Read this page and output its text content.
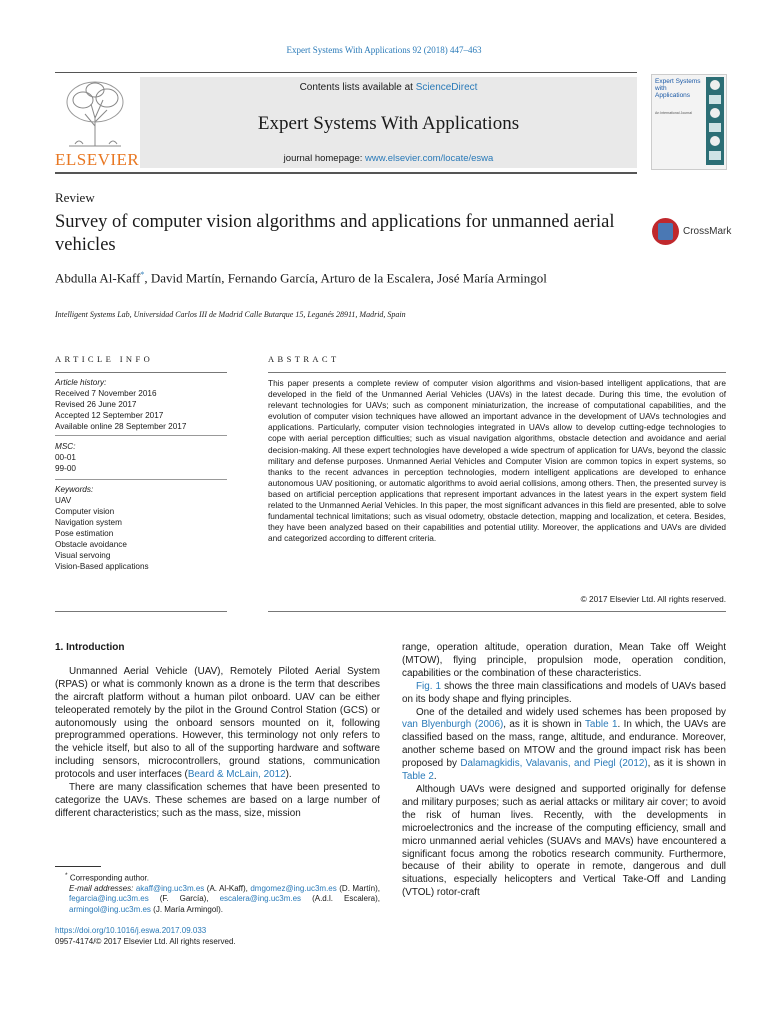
Expert Systems With Applications 92 (2018) 447–463
ELSEVIER
Contents lists available at ScienceDirect
Expert Systems With Applications
journal homepage: www.elsevier.com/locate/eswa
Expert Systems with Applications
An International Journal
Review
Survey of computer vision algorithms and applications for unmanned aerial vehicles
CrossMark
Abdulla Al-Kaff*, David Martín, Fernando García, Arturo de la Escalera, José María Armingol
Intelligent Systems Lab, Universidad Carlos III de Madrid Calle Butarque 15, Leganés 28911, Madrid, Spain
ARTICLE INFO	ABSTRACT
Article history:
Received 7 November 2016
Revised 26 June 2017
Accepted 12 September 2017
Available online 28 September 2017
MSC:
00-01
99-00
Keywords:
UAV
Computer vision
Navigation system
Pose estimation
Obstacle avoidance
Visual servoing
Vision-Based applications
This paper presents a complete review of computer vision algorithms and vision-based intelligent applications, that are developed in the field of the Unmanned Aerial Vehicles (UAVs) in the latest decade. During this time, the evolution of relevant technologies for UAVs; such as component miniaturization, the increase of computational capabilities, and the evolution of computer vision techniques have allowed an important advance in the development of UAVs technologies and applications. Particularly, computer vision technologies integrated in UAVs allow to develop cutting-edge technologies to cope with aerial perception difficulties; such as visual navigation algorithms, obstacle detection and avoidance and aerial decision-making. All these expert technologies have developed a wide spectrum of application for UAVs, beyond the classic military and defense purposes. Unmanned Aerial Vehicles and Computer Vision are common topics in expert systems, so thanks to the recent advances in perception technologies, modern intelligent applications are developed to enhance autonomous UAV positioning, or automatic algorithms to avoid aerial collisions, among others. Then, the presented survey is based on artificial perception applications that represent important advances in the latest years in the expert system field related to the Unmanned Aerial Vehicles. In this paper, the most significant advances in this field are presented, able to solve fundamental technical limitations; such as visual odometry, obstacle detection, mapping and localization, et cetera. Besides, they have been analyzed based on their capabilities and potential utility. Moreover, the applications and UAVs are divided and categorized according to different criteria.
© 2017 Elsevier Ltd. All rights reserved.

1. Introduction

Unmanned Aerial Vehicle (UAV), Remotely Piloted Aerial System (RPAS) or what is commonly known as a drone is the term that describes the aircraft platform without a human pilot onboard. UAV can be either teleoperated remotely by the pilot in the Ground Control Station (GCS) or autonomously using the onboard sensors mounted on it, following preprogrammed operations. However, this terminology not only refers to the vehicle itself, but also to all of the supporting hardware and software including sensors, microcontrollers, ground stations, communication protocols and user interfaces (Beard & McLain, 2012).

There are many classification schemes that have been presented to categorize the UAVs. These schemes are based on a large number of different characteristics; such as the mass, size, mission

* Corresponding author.
E-mail addresses: akaff@ing.uc3m.es (A. Al-Kaff), dmgomez@ing.uc3m.es (D. Martín), fegarcia@ing.uc3m.es (F. García), escalera@ing.uc3m.es (A.d.l. Escalera), armingol@ing.uc3m.es (J. María Armingol).
https://doi.org/10.1016/j.eswa.2017.09.033
0957-4174/© 2017 Elsevier Ltd. All rights reserved.

range, operation altitude, operation duration, Mean Take off Weight (MTOW), flying principle, propulsion mode, operation condition, capabilities or the combination of these characteristics.

Fig. 1 shows the three main classifications and models of UAVs based on its body shape and flying principles.

One of the detailed and widely used schemes has been proposed by van Blyenburgh (2006), as it is shown in Table 1. In which, the UAVs are classified based on the mass, range, altitude, and endurance. Moreover, another scheme based on MTOW and the ground impact risk has been proposed by Dalamagkidis, Valavanis, and Piegl (2012), as it is shown in Table 2.

Although UAVs were designed and supported originally for defense and military purposes; such as aerial attacks or military air cover; to avoid the risk of human lives. Recently, with the developments in microelectronics and the increase of the computing efficiency, small and micro unmanned aerial vehicles (SUAVs and MAVs) have encountered a significant focus among the robotics research community. Furthermore, because of their ability to operate in remote, dangerous and dull situations, especially helicopters and Vertical Take-Off and Landing (VTOL) rotor-craft
